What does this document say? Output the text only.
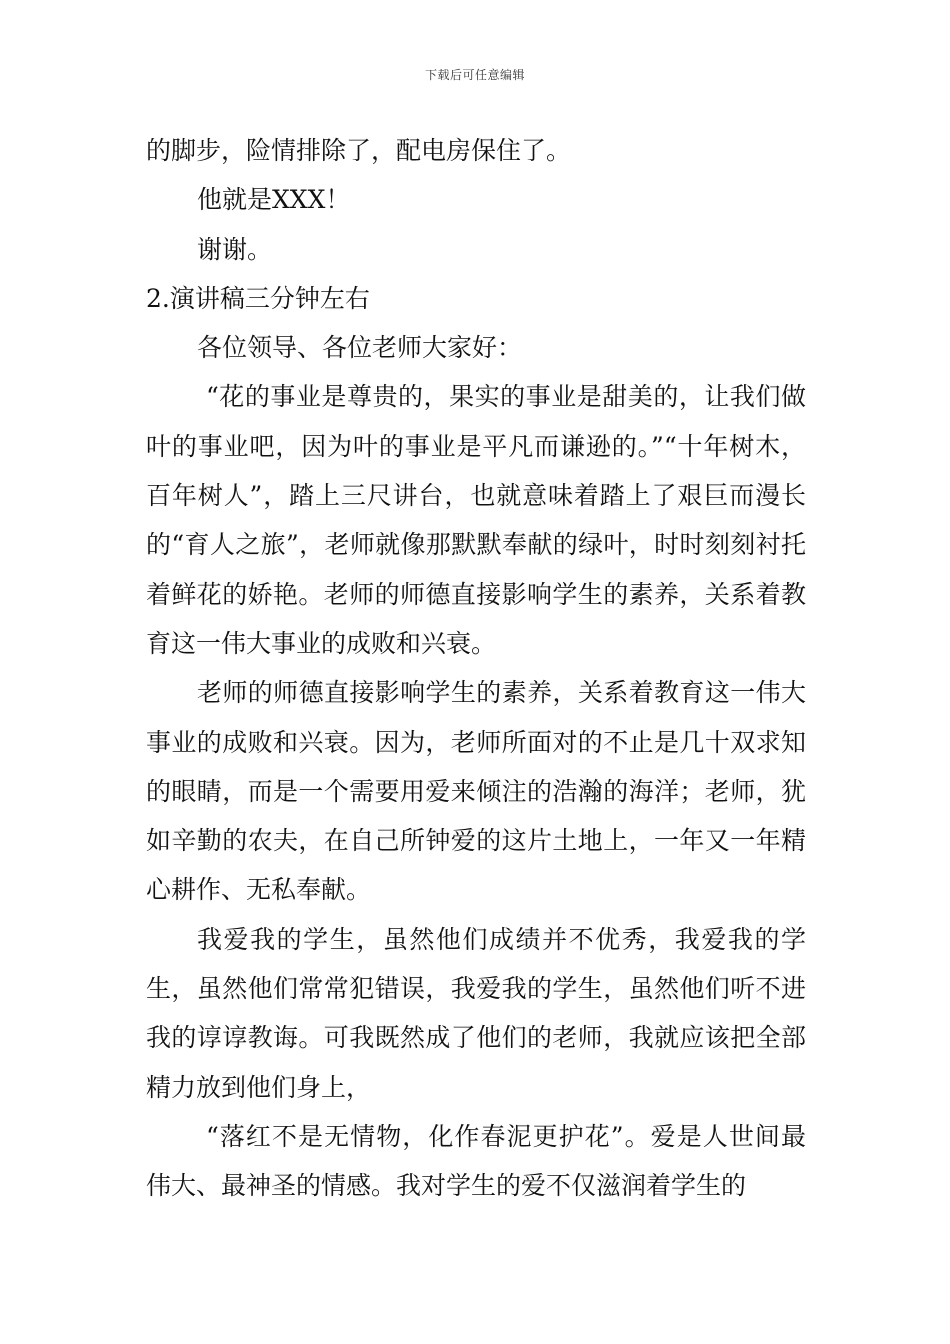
下载后可任意编辑

的脚步，险情排除了，配电房保住了。

他就是XXX！

谢谢。

2.演讲稿三分钟左右

各位领导、各位老师大家好：

“花的事业是尊贵的，果实的事业是甜美的，让我们做叶的事业吧，因为叶的事业是平凡而谦逊的。”“十年树木，百年树人”，踏上三尺讲台，也就意味着踏上了艰巨而漫长的“育人之旅”，老师就像那默默奉献的绿叶，时时刻刻衬托着鲜花的娇艳。老师的师德直接影响学生的素养，关系着教育这一伟大事业的成败和兴衰。

老师的师德直接影响学生的素养，关系着教育这一伟大事业的成败和兴衰。因为，老师所面对的不止是几十双求知的眼睛，而是一个需要用爱来倾注的浩瀚的海洋；老师，犹如辛勤的农夫，在自己所钟爱的这片土地上，一年又一年精心耕作、无私奉献。

我爱我的学生，虽然他们成绩并不优秀，我爱我的学生，虽然他们常常犯错误，我爱我的学生，虽然他们听不进我的谆谆教诲。可我既然成了他们的老师，我就应该把全部精力放到他们身上，

“落红不是无情物，化作春泥更护花”。爱是人世间最伟大、最神圣的情感。我对学生的爱不仅滋润着学生的
